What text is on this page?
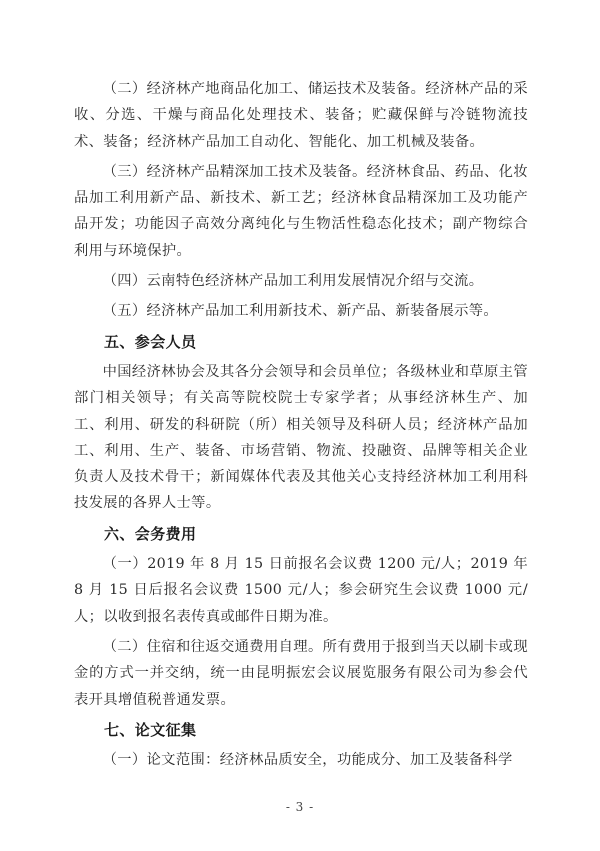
（二）经济林产地商品化加工、储运技术及装备。经济林产品的采收、分选、干燥与商品化处理技术、装备；贮藏保鲜与冷链物流技术、装备；经济林产品加工自动化、智能化、加工机械及装备。

（三）经济林产品精深加工技术及装备。经济林食品、药品、化妆品加工利用新产品、新技术、新工艺；经济林食品精深加工及功能产品开发；功能因子高效分离纯化与生物活性稳态化技术；副产物综合利用与环境保护。

（四）云南特色经济林产品加工利用发展情况介绍与交流。

（五）经济林产品加工利用新技术、新产品、新装备展示等。

五、参会人员

中国经济林协会及其各分会领导和会员单位；各级林业和草原主管部门相关领导；有关高等院校院士专家学者；从事经济林生产、加工、利用、研发的科研院（所）相关领导及科研人员；经济林产品加工、利用、生产、装备、市场营销、物流、投融资、品牌等相关企业负责人及技术骨干；新闻媒体代表及其他关心支持经济林加工利用科技发展的各界人士等。

六、会务费用

（一）2019 年 8 月 15 日前报名会议费 1200 元/人；2019 年 8 月 15 日后报名会议费 1500 元/人；参会研究生会议费 1000 元/人；以收到报名表传真或邮件日期为准。

（二）住宿和往返交通费用自理。所有费用于报到当天以刷卡或现金的方式一并交纳，统一由昆明振宏会议展览服务有限公司为参会代表开具增值税普通发票。

七、论文征集

（一）论文范围：经济林品质安全，功能成分、加工及装备科学

- 3 -
